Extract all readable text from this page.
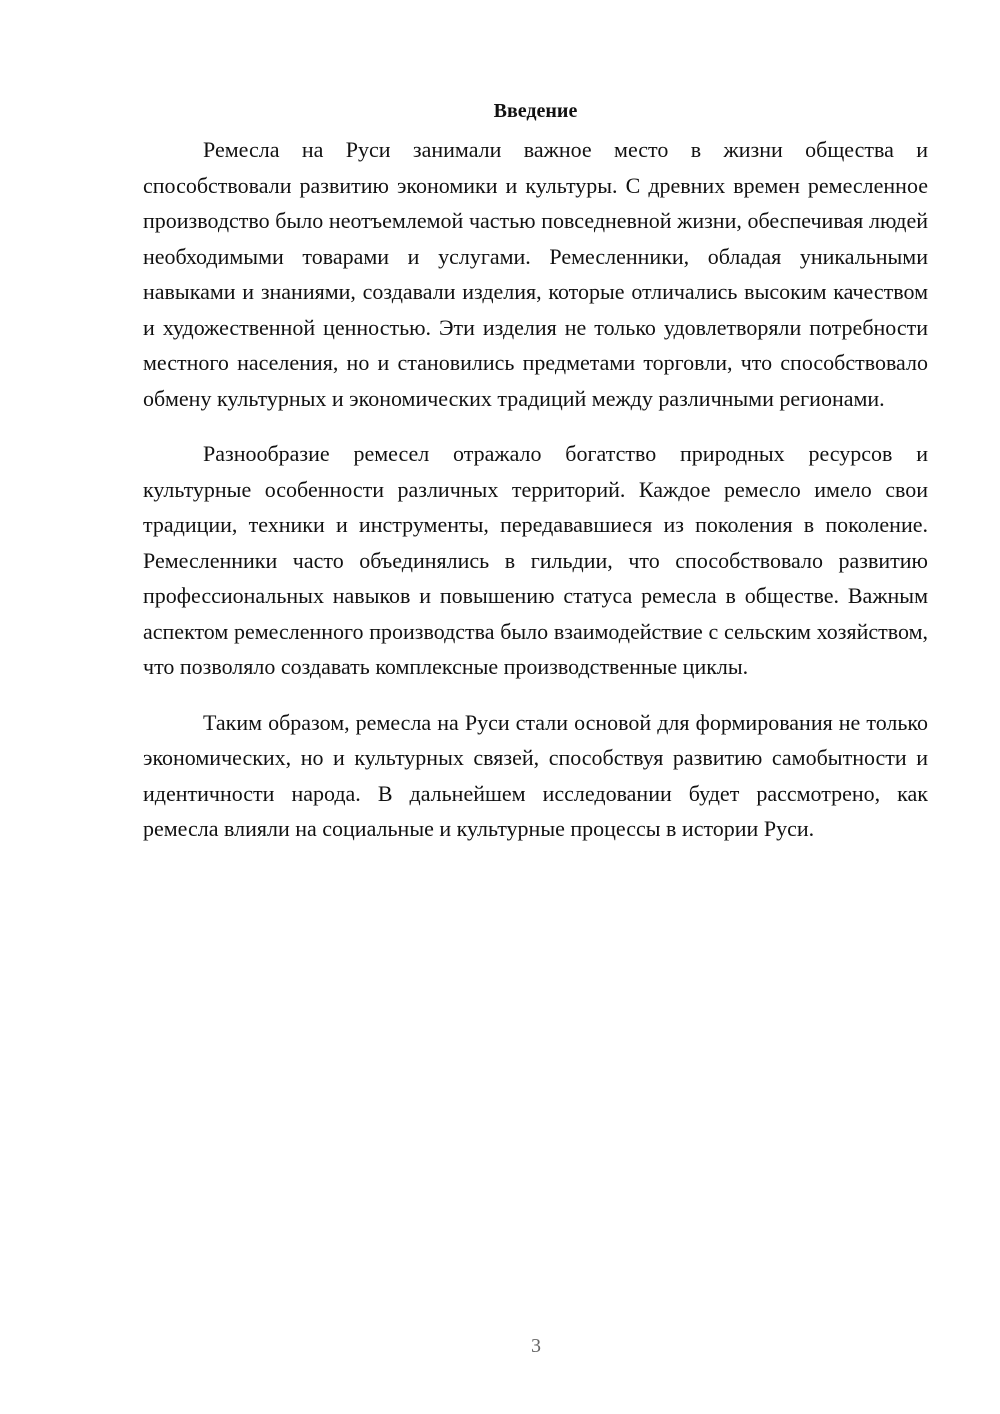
Введение

Ремесла на Руси занимали важное место в жизни общества и способствовали развитию экономики и культуры. С древних времен ремесленное производство было неотъемлемой частью повседневной жизни, обеспечивая людей необходимыми товарами и услугами. Ремесленники, обладая уникальными навыками и знаниями, создавали изделия, которые отличались высоким качеством и художественной ценностью. Эти изделия не только удовлетворяли потребности местного населения, но и становились предметами торговли, что способствовало обмену культурных и экономических традиций между различными регионами.

Разнообразие ремесел отражало богатство природных ресурсов и культурные особенности различных территорий. Каждое ремесло имело свои традиции, техники и инструменты, передававшиеся из поколения в поколение. Ремесленники часто объединялись в гильдии, что способствовало развитию профессиональных навыков и повышению статуса ремесла в обществе. Важным аспектом ремесленного производства было взаимодействие с сельским хозяйством, что позволяло создавать комплексные производственные циклы.

Таким образом, ремесла на Руси стали основой для формирования не только экономических, но и культурных связей, способствуя развитию самобытности и идентичности народа. В дальнейшем исследовании будет рассмотрено, как ремесла влияли на социальные и культурные процессы в истории Руси.

3
